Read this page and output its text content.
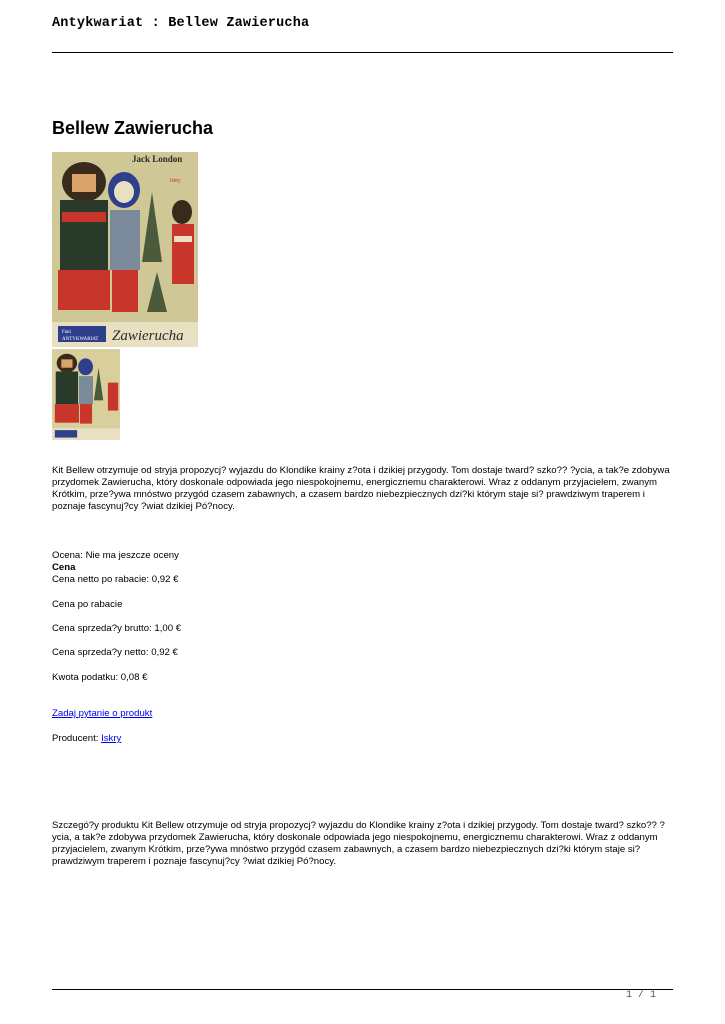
Antykwariat : Bellew Zawierucha
Bellew Zawierucha
Jack London
Iskry
Fani
ANTYKWARIAT Zawierucha

Kit Bellew otrzymuje od stryja propozycj? wyjazdu do Klondike krainy z?ota i dzikiej przygody. Tom dostaje tward? szko?? ?ycia, a tak?e zdobywa przydomek Zawierucha, który doskonale odpowiada jego niespokojnemu, energicznemu charakterowi. Wraz z oddanym przyjacielem, zwanym Krótkim, prze?ywa mnóstwo przygód czasem zabawnych, a czasem bardzo niebezpiecznych dzi?ki którym staje si? prawdziwym traperem i poznaje fascynuj?cy ?wiat dzikiej Pó?nocy.

Ocena: Nie ma jeszcze oceny
Cena
Cena netto po rabacie: 0,92 €
Cena po rabacie
Cena sprzeda?y brutto: 1,00 €
Cena sprzeda?y netto: 0,92 €
Kwota podatku: 0,08 €
Zadaj pytanie o produkt
Producent: Iskry

Szczegó?y produktu Kit Bellew otrzymuje od stryja propozycj? wyjazdu do Klondike krainy z?ota i dzikiej przygody. Tom dostaje tward? szko?? ?ycia, a tak?e zdobywa przydomek Zawierucha, który doskonale odpowiada jego niespokojnemu, energicznemu charakterowi. Wraz z oddanym przyjacielem, zwanym Krótkim, prze?ywa mnóstwo przygód czasem zabawnych, a czasem bardzo niebezpiecznych dzi?ki którym staje si? prawdziwym traperem i poznaje fascynuj?cy ?wiat dzikiej Pó?nocy.

1 / 1
